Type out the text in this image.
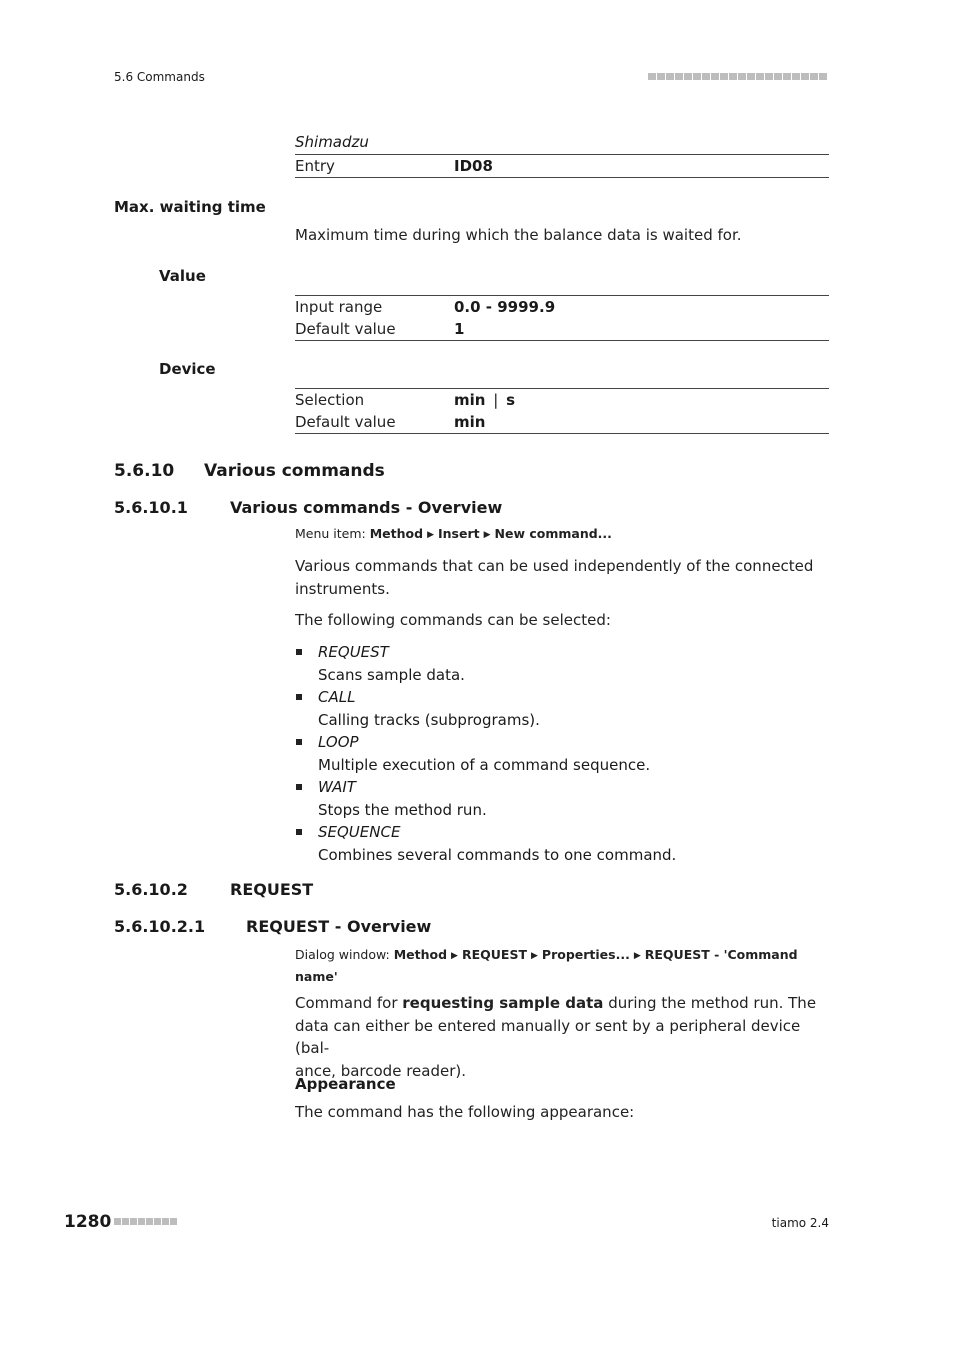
5.6 Commands
Shimadzu
Entry	ID08
Max. waiting time
Maximum time during which the balance data is waited for.
Value
Input range	0.0 - 9999.9
Default value	1
Device
Selection	min | s
Default value	min
5.6.10 Various commands
5.6.10.1	Various commands - Overview
Menu item: Method ▶ Insert ▶ New command...
Various commands that can be used independently of the connected instruments.
The following commands can be selected:
REQUEST
Scans sample data.
CALL
Calling tracks (subprograms).
LOOP
Multiple execution of a command sequence.
WAIT
Stops the method run.
SEQUENCE
Combines several commands to one command.
5.6.10.2	REQUEST
5.6.10.2.1	REQUEST - Overview
Dialog window: Method ▶ REQUEST ▶ Properties... ▶ REQUEST - 'Command
name'
Command for requesting sample data during the method run. The
data can either be entered manually or sent by a peripheral device (bal-
ance, barcode reader).
Appearance
The command has the following appearance:
1280	tiamo 2.4
